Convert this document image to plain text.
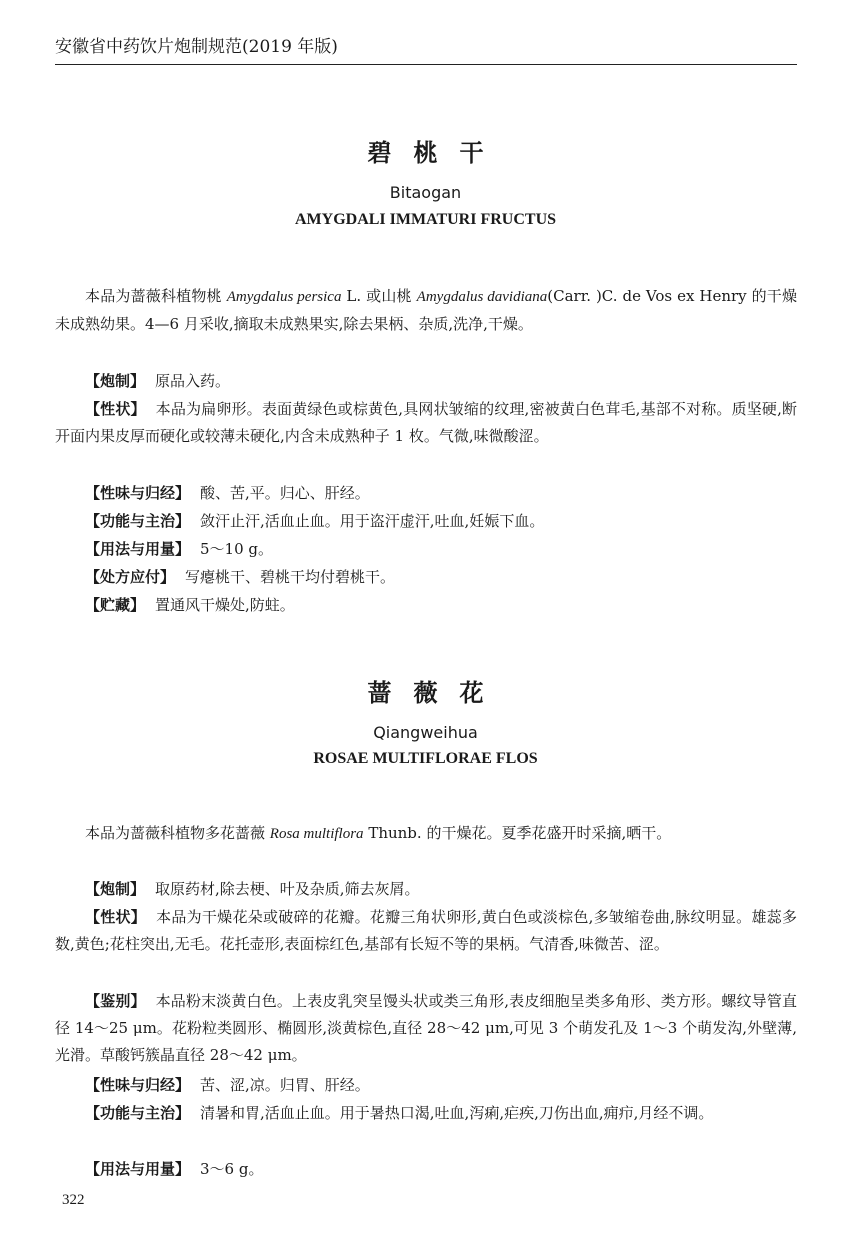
安徽省中药饮片炮制规范(2019 年版)
碧桃干
Bitaogan
AMYGDALI IMMATURI FRUCTUS

本品为蔷薇科植物桃 Amygdalus persica L. 或山桃 Amygdalus davidiana(Carr. )C. de Vos ex Henry 的干燥未成熟幼果。4—6 月采收,摘取未成熟果实,除去果柄、杂质,洗净,干燥。

【炮制】 原品入药。

【性状】 本品为扁卵形。表面黄绿色或棕黄色,具网状皱缩的纹理,密被黄白色茸毛,基部不对称。质坚硬,断开面内果皮厚而硬化或较薄未硬化,内含未成熟种子 1 枚。气微,味微酸涩。

【性味与归经】 酸、苦,平。归心、肝经。

【功能与主治】 敛汗止汗,活血止血。用于盗汗虚汗,吐血,妊娠下血。

【用法与用量】 5～10 g。

【处方应付】 写瘪桃干、碧桃干均付碧桃干。

【贮藏】 置通风干燥处,防蛀。

蔷薇花
Qiangweihua
ROSAE MULTIFLORAE FLOS

本品为蔷薇科植物多花蔷薇 Rosa multiflora Thunb. 的干燥花。夏季花盛开时采摘,晒干。

【炮制】 取原药材,除去梗、叶及杂质,筛去灰屑。

【性状】 本品为干燥花朵或破碎的花瓣。花瓣三角状卵形,黄白色或淡棕色,多皱缩卷曲,脉纹明显。雄蕊多数,黄色;花柱突出,无毛。花托壶形,表面棕红色,基部有长短不等的果柄。气清香,味微苦、涩。

【鉴别】 本品粉末淡黄白色。上表皮乳突呈馒头状或类三角形,表皮细胞呈类多角形、类方形。螺纹导管直径 14～25 μm。花粉粒类圆形、椭圆形,淡黄棕色,直径 28～42 μm,可见 3 个萌发孔及 1～3 个萌发沟,外壁薄,光滑。草酸钙簇晶直径 28～42 μm。

【性味与归经】 苦、涩,凉。归胃、肝经。

【功能与主治】 清暑和胃,活血止血。用于暑热口渴,吐血,泻痢,疟疾,刀伤出血,痈疖,月经不调。

【用法与用量】 3～6 g。

322
